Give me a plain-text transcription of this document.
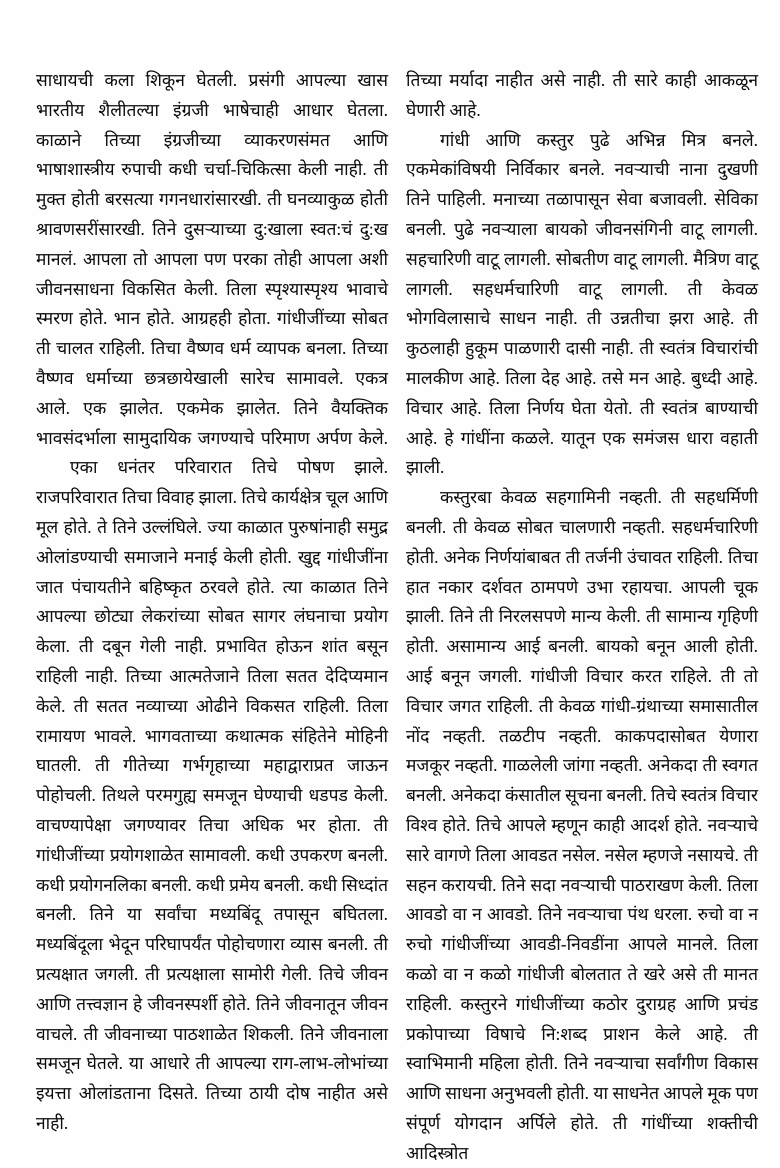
साधायची कला शिकून घेतली. प्रसंगी आपल्या खास भारतीय शैलीतल्या इंग्रजी भाषेचाही आधार घेतला. काळाने तिच्या इंग्रजीच्या व्याकरणसंमत आणि भाषाशास्त्रीय रुपाची कधी चर्चा-चिकित्सा केली नाही. ती मुक्त होती बरसत्या गगनधारांसारखी. ती घनव्याकुळ होती श्रावणसरींसारखी. तिने दुसऱ्याच्या दु:खाला स्वत:चं दु:ख मानलं. आपला तो आपला पण परका तोही आपला अशी जीवनसाधना विकसित केली. तिला स्पृश्यास्पृश्य भावाचे स्मरण होते. भान होते. आग्रहही होता. गांधीजींच्या सोबत ती चालत राहिली. तिचा वैष्णव धर्म व्यापक बनला. तिच्या वैष्णव धर्माच्या छत्रछायेखाली सारेच सामावले. एकत्र आले. एक झालेत. एकमेक झालेत. तिने वैयक्तिक भावसंदर्भाला सामुदायिक जगण्याचे परिमाण अर्पण केले.

एका धनंतर परिवारात तिचे पोषण झाले. राजपरिवारात तिचा विवाह झाला. तिचे कार्यक्षेत्र चूल आणि मूल होते. ते तिने उल्लंघिले. ज्या काळात पुरुषांनाही समुद्र ओलांडण्याची समाजाने मनाई केली होती. खुद्द गांधीजींना जात पंचायतीने बहिष्कृत ठरवले होते. त्या काळात तिने आपल्या छोट्या लेकरांच्या सोबत सागर लंघनाचा प्रयोग केला. ती दबून गेली नाही. प्रभावित होऊन शांत बसून राहिली नाही. तिच्या आत्मतेजाने तिला सतत देदिप्यमान केले. ती सतत नव्याच्या ओढीने विकसत राहिली. तिला रामायण भावले. भागवताच्या कथात्मक संहितेने मोहिनी घातली. ती गीतेच्या गर्भगृहाच्या महाद्वाराप्रत जाऊन पोहोचली. तिथले परमगुह्य समजून घेण्याची धडपड केली. वाचण्यापेक्षा जगण्यावर तिचा अधिक भर होता. ती गांधीजींच्या प्रयोगशाळेत सामावली. कधी उपकरण बनली. कधी प्रयोगनलिका बनली. कधी प्रमेय बनली. कधी सिध्दांत बनली. तिने या सर्वांचा मध्यबिंदू तपासून बघितला. मध्यबिंदूला भेदून परिघापर्यंत पोहोचणारा व्यास बनली. ती प्रत्यक्षात जगली. ती प्रत्यक्षाला सामोरी गेली. तिचे जीवन आणि तत्त्वज्ञान हे जीवनस्पर्शी होते. तिने जीवनातून जीवन वाचले. ती जीवनाच्या पाठशाळेत शिकली. तिने जीवनाला समजून घेतले. या आधारे ती आपल्या राग-लाभ-लोभांच्या इयत्ता ओलांडताना दिसते. तिच्या ठायी दोष नाहीत असे नाही.

तिच्या मर्यादा नाहीत असे नाही. ती सारे काही आकळून घेणारी आहे.

गांधी आणि कस्तुर पुढे अभिन्न मित्र बनले. एकमेकांविषयी निर्विकार बनले. नवऱ्याची नाना दुखणी तिने पाहिली. मनाच्या तळापासून सेवा बजावली. सेविका बनली. पुढे नवऱ्याला बायको जीवनसंगिनी वाटू लागली. सहचारिणी वाटू लागली. सोबतीण वाटू लागली. मैत्रिण वाटू लागली. सहधर्मचारिणी वाटू लागली. ती केवळ भोगविलासाचे साधन नाही. ती उन्नतीचा झरा आहे. ती कुठलाही हुकूम पाळणारी दासी नाही. ती स्वतंत्र विचारांची मालकीण आहे. तिला देह आहे. तसे मन आहे. बुध्दी आहे. विचार आहे. तिला निर्णय घेता येतो. ती स्वतंत्र बाण्याची आहे. हे गांधींना कळले. यातून एक समंजस धारा वहाती झाली.

कस्तुरबा केवळ सहगामिनी नव्हती. ती सहधर्मिणी बनली. ती केवळ सोबत चालणारी नव्हती. सहधर्मचारिणी होती. अनेक निर्णयांबाबत ती तर्जनी उंचावत राहिली. तिचा हात नकार दर्शवत ठामपणे उभा रहायचा. आपली चूक झाली. तिने ती निरलसपणे मान्य केली. ती सामान्य गृहिणी होती. असामान्य आई बनली. बायको बनून आली होती. आई बनून जगली. गांधीजी विचार करत राहिले. ती तो विचार जगत राहिली. ती केवळ गांधी-ग्रंथाच्या समासातील नोंद नव्हती. तळटीप नव्हती. काकपदासोबत येणारा मजकूर नव्हती. गाळलेली जांगा नव्हती. अनेकदा ती स्वगत बनली. अनेकदा कंसातील सूचना बनली. तिचे स्वतंत्र विचार विश्व होते. तिचे आपले म्हणून काही आदर्श होते. नवऱ्याचे सारे वागणे तिला आवडत नसेल. नसेल म्हणजे नसायचे. ती सहन करायची. तिने सदा नवऱ्याची पाठराखण केली. तिला आवडो वा न आवडो. तिने नवऱ्याचा पंथ धरला. रुचो वा न रुचो गांधीजींच्या आवडी-निवडींना आपले मानले. तिला कळो वा न कळो गांधीजी बोलतात ते खरे असे ती मानत राहिली. कस्तुरने गांधीजींच्या कठोर दुराग्रह आणि प्रचंड प्रकोपाच्या विषाचे नि:शब्द प्राशन केले आहे. ती स्वाभिमानी महिला होती. तिने नवऱ्याचा सर्वांगीण विकास आणि साधना अनुभवली होती. या साधनेत आपले मूक पण संपूर्ण योगदान अर्पिले होते. ती गांधींच्या शक्तीची आदिस्त्रोत
